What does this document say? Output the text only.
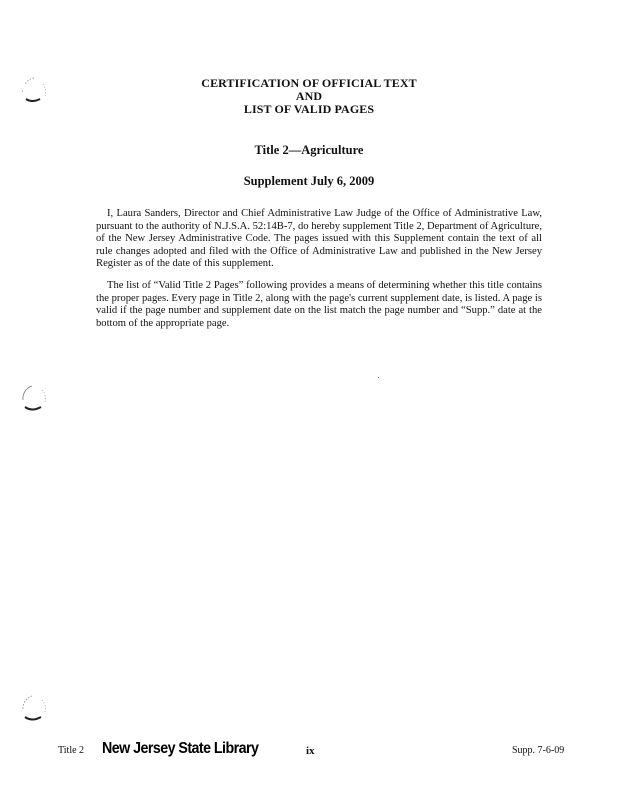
CERTIFICATION OF OFFICIAL TEXT
AND
LIST OF VALID PAGES
Title 2—Agriculture
Supplement July 6, 2009

I, Laura Sanders, Director and Chief Administrative Law Judge of the Office of Administrative Law, pursuant to the authority of N.J.S.A. 52:14B-7, do hereby supplement Title 2, Department of Agriculture, of the New Jersey Administrative Code. The pages issued with this Supplement contain the text of all rule changes adopted and filed with the Office of Administrative Law and published in the New Jersey Register as of the date of this supplement.

The list of “Valid Title 2 Pages” following provides a means of determining whether this title contains the proper pages. Every page in Title 2, along with the page's current supplement date, is listed. A page is valid if the page number and supplement date on the list match the page number and “Supp.” date at the bottom of the appropriate page.

Title 2 New Jersey State Library	ix	Supp. 7-6-09
